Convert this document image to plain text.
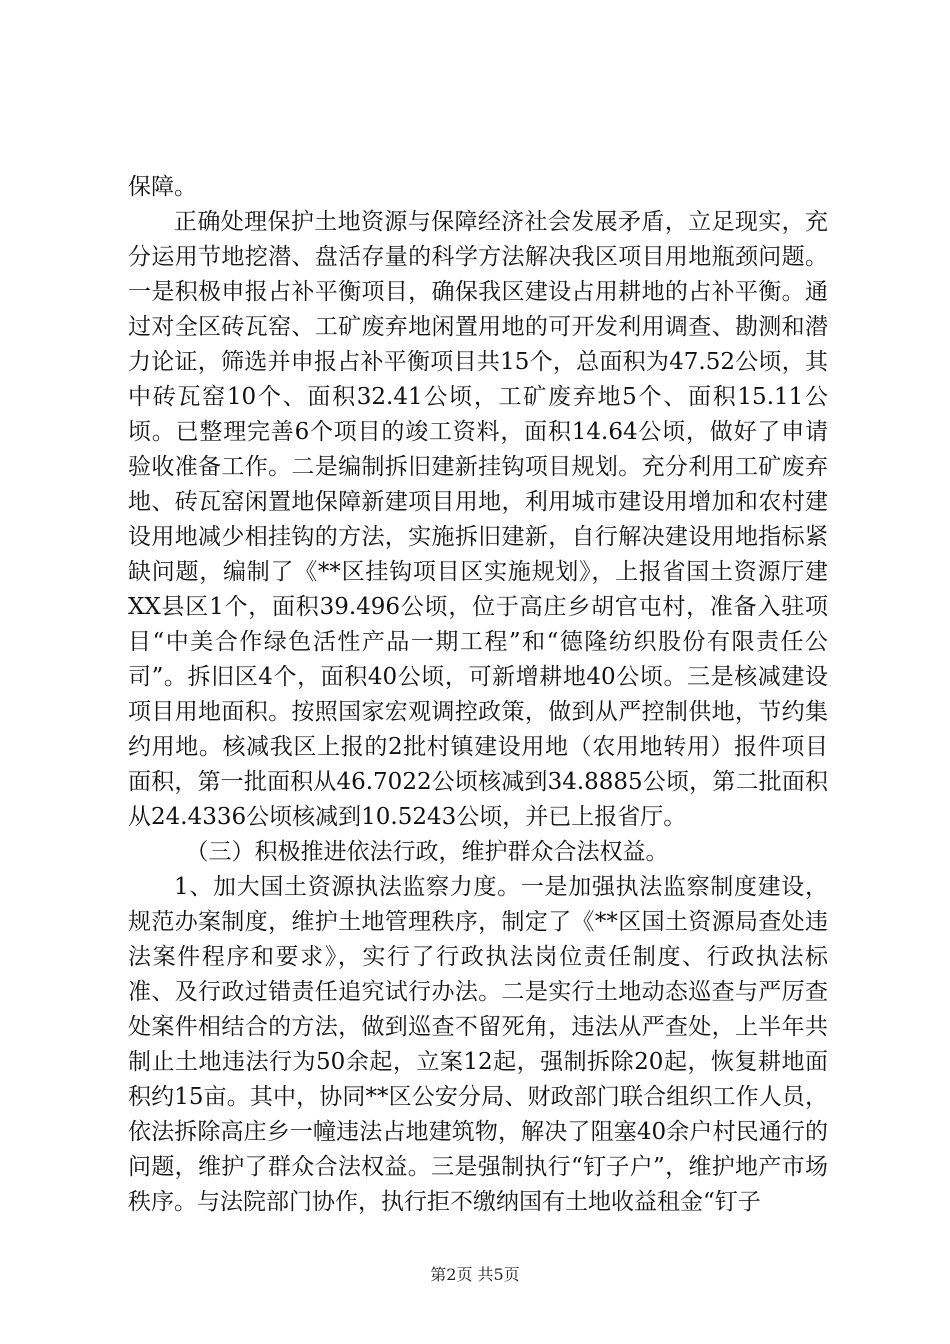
保障。

正确处理保护土地资源与保障经济社会发展矛盾，立足现实，充分运用节地挖潜、盘活存量的科学方法解决我区项目用地瓶颈问题。一是积极申报占补平衡项目，确保我区建设占用耕地的占补平衡。通过对全区砖瓦窑、工矿废弃地闲置用地的可开发利用调查、勘测和潜力论证，筛选并申报占补平衡项目共15个，总面积为47.52公顷，其中砖瓦窑10个、面积32.41公顷，工矿废弃地5个、面积15.11公顷。已整理完善6个项目的竣工资料，面积14.64公顷，做好了申请验收准备工作。二是编制拆旧建新挂钩项目规划。充分利用工矿废弃地、砖瓦窑闲置地保障新建项目用地，利用城市建设用增加和农村建设用地减少相挂钩的方法，实施拆旧建新，自行解决建设用地指标紧缺问题，编制了《**区挂钩项目区实施规划》，上报省国土资源厅建XX县区1个，面积39.496公顷，位于高庄乡胡官屯村，准备入驻项目“中美合作绿色活性产品一期工程”和“德隆纺织股份有限责任公司”。拆旧区4个，面积40公顷，可新增耕地40公顷。三是核减建设项目用地面积。按照国家宏观调控政策，做到从严控制供地，节约集约用地。核减我区上报的2批村镇建设用地（农用地转用）报件项目面积，第一批面积从46.7022公顷核减到34.8885公顷，第二批面积从24.4336公顷核减到10.5243公顷，并已上报省厅。

（三）积极推进依法行政，维护群众合法权益。

1、加大国土资源执法监察力度。一是加强执法监察制度建设，规范办案制度，维护土地管理秩序，制定了《**区国土资源局查处违法案件程序和要求》，实行了行政执法岗位责任制度、行政执法标准、及行政过错责任追究试行办法。二是实行土地动态巡查与严厉查处案件相结合的方法，做到巡查不留死角，违法从严查处，上半年共制止土地违法行为50余起，立案12起，强制拆除20起，恢复耕地面积约15亩。其中，协同**区公安分局、财政部门联合组织工作人员，依法拆除高庄乡一幢违法占地建筑物，解决了阻塞40余户村民通行的问题，维护了群众合法权益。三是强制执行“钉子户”，维护地产市场秩序。与法院部门协作，执行拒不缴纳国有土地收益租金“钉子

第2页 共5页
